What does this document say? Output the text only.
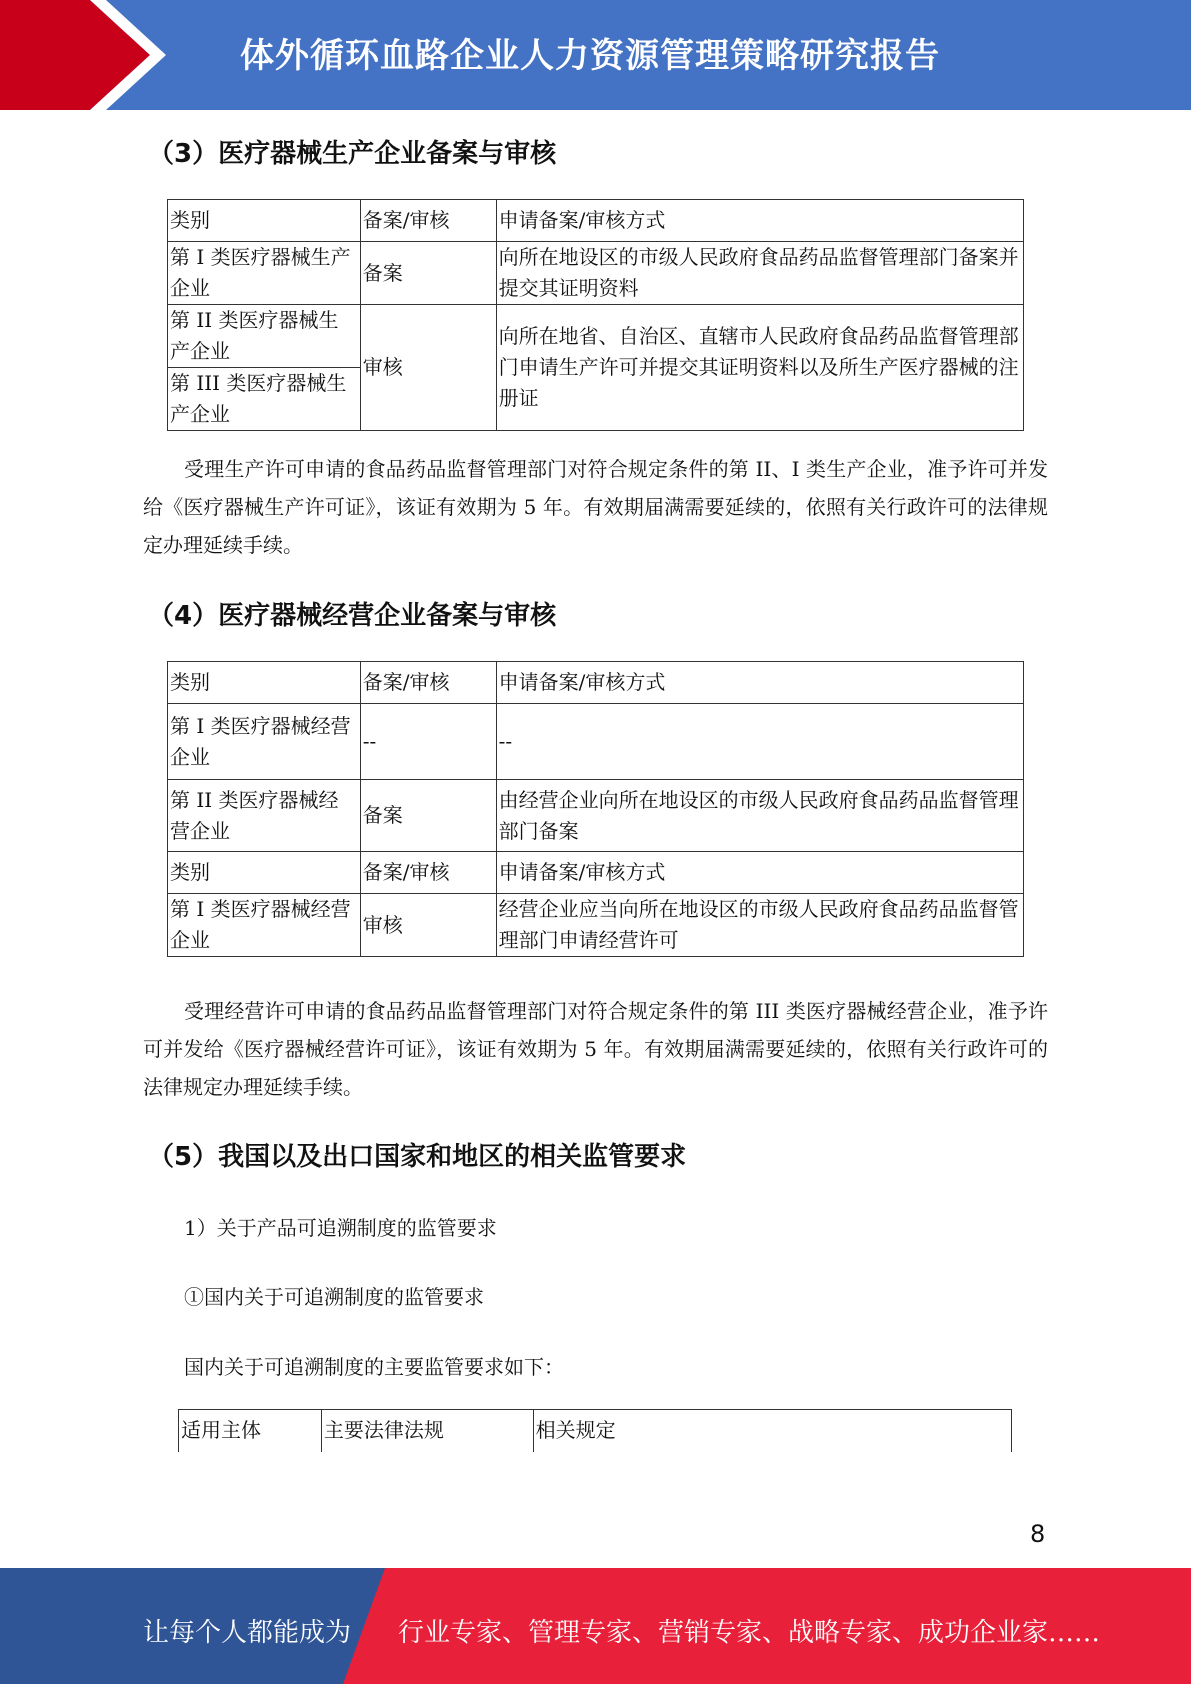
体外循环血路企业人力资源管理策略研究报告
（3）医疗器械生产企业备案与审核
类别	备案/审核	申请备案/审核方式
第 I 类医疗器械生产企业	备案	向所在地设区的市级人民政府食品药品监督管理部门备案并提交其证明资料
第 II 类医疗器械生产企业	审核	向所在地省、自治区、直辖市人民政府食品药品监督管理部门申请生产许可并提交其证明资料以及所生产医疗器械的注册证
第 III 类医疗器械生产企业		
受理生产许可申请的食品药品监督管理部门对符合规定条件的第 II、I 类生产企业，准予许可并发给《医疗器械生产许可证》，该证有效期为 5 年。有效期届满需要延续的，依照有关行政许可的法律规定办理延续手续。
（4）医疗器械经营企业备案与审核
类别	备案/审核	申请备案/审核方式
第 I 类医疗器械经营企业	--	--
第 II 类医疗器械经营企业	备案	由经营企业向所在地设区的市级人民政府食品药品监督管理部门备案
类别	备案/审核	申请备案/审核方式
第 I 类医疗器械经营企业	审核	经营企业应当向所在地设区的市级人民政府食品药品监督管理部门申请经营许可
受理经营许可申请的食品药品监督管理部门对符合规定条件的第 III 类医疗器械经营企业，准予许可并发给《医疗器械经营许可证》，该证有效期为 5 年。有效期届满需要延续的，依照有关行政许可的法律规定办理延续手续。
（5）我国以及出口国家和地区的相关监管要求
1）关于产品可追溯制度的监管要求
①国内关于可追溯制度的监管要求
国内关于可追溯制度的主要监管要求如下：
适用主体	主要法律法规	相关规定
8
让每个人都能成为 行业专家、管理专家、营销专家、战略专家、成功企业家……
